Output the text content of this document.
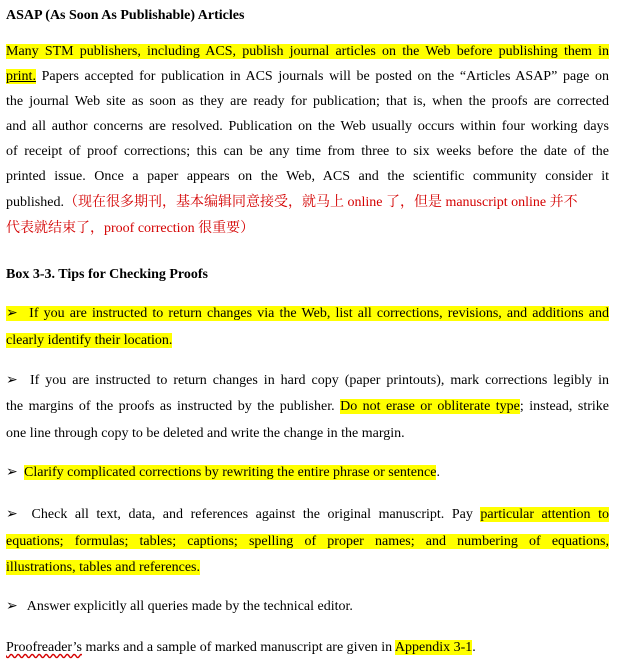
ASAP (As Soon As Publishable) Articles
Many STM publishers, including ACS, publish journal articles on the Web before publishing them in
print. Papers accepted for publication in ACS journals will be posted on the “Articles ASAP” page on
the journal Web site as soon as they are ready for publication; that is, when the proofs are corrected
and all author concerns are resolved. Publication on the Web usually occurs within four working days
of receipt of proof corrections; this can be any time from three to six weeks before the date of the
printed issue. Once a paper appears on the Web, ACS and the scientific community consider it
published.（现在很多期刊，基本编辑同意接受，就马上 online 了，但是 manuscript online 并不
代表就结束了，proof correction 很重要）
Box 3-3. Tips for Checking Proofs
➢ If you are instructed to return changes via the Web, list all corrections, revisions, and additions and
clearly identify their location.
➢ If you are instructed to return changes in hard copy (paper printouts), mark corrections legibly in
the margins of the proofs as instructed by the publisher. Do not erase or obliterate type; instead, strike
one line through copy to be deleted and write the change in the margin.
➢ Clarify complicated corrections by rewriting the entire phrase or sentence.
➢ Check all text, data, and references against the original manuscript. Pay particular attention to
equations; formulas; tables; captions; spelling of proper names; and numbering of equations,
illustrations, tables and references.
➢ Answer explicitly all queries made by the technical editor.
Proofreader’s marks and a sample of marked manuscript are given in Appendix 3-1.
